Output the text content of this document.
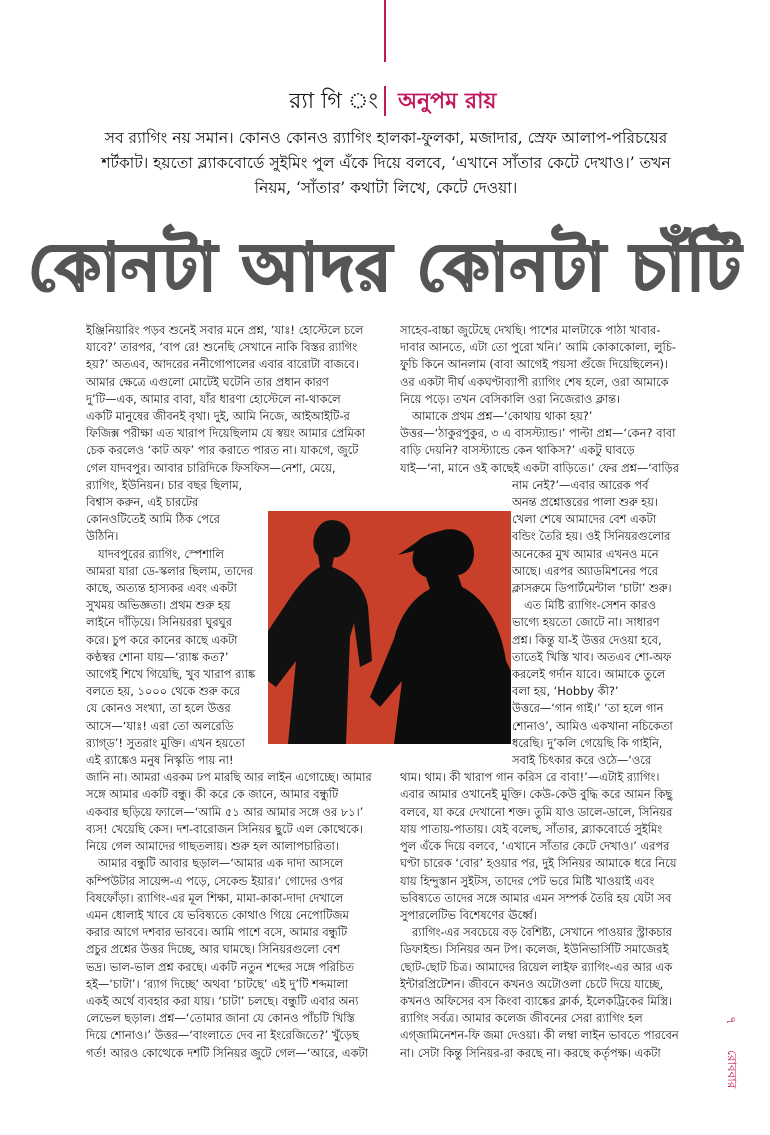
র‍্যা গি ং অনুপম রায়
সব র‍্যাগিং নয় সমান। কোনও কোনও র‍্যাগিং হালকা-ফুলকা, মজাদার, স্রেফ আলাপ-পরিচয়ের
শর্টকাট। হয়তো ব্ল্যাকবোর্ডে সুইমিং পুল এঁকে দিয়ে বলবে, ‘এখানে সাঁতার কেটে দেখাও।’ তখন
নিয়ম, ‘সাঁতার’ কথাটা লিখে, কেটে দেওয়া।
কোনটা আদর কোনটা চাঁটি
ইঞ্জিনিয়ারিং পড়ব শুনেই সবার মনে প্রশ্ন, ‘যাঃ! হোস্টেলে চলে
যাবে?’ তারপর, ‘বাপ রে! শুনেছি সেখানে নাকি বিস্তর র‍্যাগিং
হয়?’ অতএব, আদরের ননীগোপালের এবার বারোটা বাজবে।
আমার ক্ষেত্রে এগুলো মোটেই ঘটেনি তার প্রধান কারণ
দু’টি—এক, আমার বাবা, যাঁর ধারণা হোস্টেলে না-থাকলে
একটি মানুষের জীবনই বৃথা। দুই, আমি নিজে, আইআইটি-র
ফিজিক্স পরীক্ষা এত খারাপ দিয়েছিলাম যে স্বয়ং আমার প্রেমিকা
চেক করলেও ‘কাট অফ’ পার করাতে পারত না। যাকগে, জুটে
গেল যাদবপুর। আবার চারিদিকে ফিসফিস—নেশা, মেয়ে,
র‍্যাগিং, ইউনিয়ন। চার বছর ছিলাম,
বিশ্বাস করুন, এই চারটের
কোনওটিতেই আমি ঠিক পেরে
উঠিনি।
যাদবপুরের র‍্যাগিং, স্পেশালি
আমরা যারা ডে-স্কলার ছিলাম, তাদের
কাছে, অত্যন্ত হাস্যকর এবং একটা
সুখময় অভিজ্ঞতা। প্রথম শুরু হয়
লাইনে দাঁড়িয়ে। সিনিয়ররা ঘুরঘুর
করে। চুপ করে কানের কাছে একটা
কণ্ঠস্বর শোনা যায়—‘র‍্যাঙ্ক কত?’
আগেই শিখে গিয়েছি, খুব খারাপ র‍্যাঙ্ক
বলতে হয়, ১০০০ থেকে শুরু করে
যে কোনও সংখ্যা, তা হলে উত্তর
আসে—‘যাঃ! এরা তো অলরেডি
র‍্যাগ্‌ড’! সুতরাং মুক্তি। এখন হয়তো
এই র‍্যাঙ্কেও মনুষ নিস্কৃতি পায় না!
জানি না। আমরা এরকম ঢপ মারছি আর লাইন এগোচ্ছে। আমার
সঙ্গে আমার একটি বন্ধু। কী করে কে জানে, আমার বন্ধুটি
একবার ছড়িয়ে ফ্যালে—‘আমি ৫১ আর আমার সঙ্গে ওর ৮১।’
ব্যস! খেয়েছি কেস। দশ-বারোজন সিনিয়র ছুটে এল কোত্থেকে।
নিয়ে গেল আমাদের গাছতলায়। শুরু হল আলাপচারিতা।
আমার বন্ধুটি আবার ছড়াল—‘আমার এক দাদা আসলে
কম্পিউটার সায়েন্স-এ পড়ে, সেকেন্ড ইয়ার।’ গোদের ওপর
বিষফোঁড়া। র‍্যাগিং-এর মূল শিক্ষা, মামা-কাকা-দাদা দেখালে
এমন ধোলাই খাবে যে ভবিষ্যতে কোথাও গিয়ে নেপোটিজম
করার আগে দশবার ভাববে। আমি পাশে বসে, আমার বন্ধুটি
প্রচুর প্রশ্নের উত্তর দিচ্ছে, আর ঘামছে। সিনিয়রগুলো বেশ
ভদ্র। ভাল-ভাল প্রশ্ন করছে। একটি নতুন শব্দের সঙ্গে পরিচিত
হই—‘চাটা’। ‘র‍্যাগ দিচ্ছে’ অথবা ‘চাটছে’ এই দু’টি শব্দমালা
একই অর্থে ব্যবহার করা যায়। ‘চাটা’ চলছে। বন্ধুটি এবার অন্য
লেভেল ছড়াল। প্রশ্ন—‘তোমার জানা যে কোনও পাঁচটি খিস্তি
দিয়ে শোনাও।’ উত্তর—‘বাংলাতে দেব না ইংরেজিতে?’ খুঁড়েছ
গর্ত! আরও কোত্থেকে দশটি সিনিয়র জুটে গেল—‘আরে, একটা
সাহেব-বাচ্চা জুটেছে দেখছি। পাশের মালটাকে পাঠা খাবার-
দাবার আনতে, এটা তো পুরো খনি।’ আমি কোকাকোলা, লুচি-
ফুচি কিনে আনলাম (বাবা আগেই পয়সা গুঁজে দিয়েছিলেন)।
ওর একটা দীর্ঘ একঘণ্টাব্যাপী র‍্যাগিং শেষ হলে, ওরা আমাকে
নিয়ে পড়ে। তখন বেসিকালি ওরা নিজেরাও ক্লান্ত।
আমাকে প্রথম প্রশ্ন—‘কোথায় থাকা হয়?’
উত্তর—‘ঠাকুরপুকুর, ৩ এ বাসস্ট্যান্ড।’ পাল্টা প্রশ্ন—‘কেন? বাবা
বাড়ি দেয়নি? বাসস্ট্যান্ডে কেন থাকিস?’ একটু ঘাবড়ে
যাই—‘না, মানে ওই কাছেই একটা বাড়িতে।’ ফের প্রশ্ন—‘বাড়ির
নাম নেই?’—এবার আরেক পর্ব
অনন্ত প্রশ্নোত্তরের পালা শুরু হয়।
খেলা শেষে আমাদের বেশ একটা
বন্ডিং তৈরি হয়। ওই সিনিয়রগুলোর
অনেকের মুখ আমার এখনও মনে
আছে। এরপর অ্যাডমিশনের পরে
ক্লাসরুমে ডিপার্টমেন্টাল ‘চাটা’ শুরু।
এত মিষ্টি র‍্যাগিং-সেশন কারও
ভাগ্যে হয়তো জোটে না। সাধারণ
প্রশ্ন। কিন্তু যা-ই উত্তর দেওয়া হবে,
তাতেই খিস্তি খাব। অতএব শো-অফ
করলেই গর্দান যাবে। আমাকে তুলে
বলা হয়, ‘Hobby কী?’
উত্তরে—‘গান গাই।’ ‘তা হলে গান
শোনাও’, আমিও একখানা নচিকেতা
ধরেছি। দু’কলি গেয়েছি কি গাইনি,
সবাই চিৎকার করে ওঠে—‘ওরে
থাম। থাম। কী খারাপ গান করিস রে বাবা!’—এটাই র‍্যাগিং।
এবার আমার ওখানেই মুক্তি। কেউ-কেউ বুদ্ধি করে আমন কিছু
বলবে, যা করে দেখানো শক্ত। তুমি যাও ডালে-ডালে, সিনিয়র
যায় পাতায়-পাতায়। যেই বলেছ, সাঁতার, ব্ল্যাকবোর্ডে সুইমিং
পুল এঁকে দিয়ে বলবে, ‘এখানে সাঁতার কেটে দেখাও।’ এরপর
ঘণ্টা চারেক ‘বোর’ হওয়ার পর, দুই সিনিয়র আমাকে ধরে নিয়ে
যায় হিন্দুস্তান সুইটস, তাদের পেট ভরে মিষ্টি খাওয়াই এবং
ভবিষ্যতে তাদের সঙ্গে আমার এমন সম্পর্ক তৈরি হয় যেটা সব
সুপারলেটিভ বিশেষণের ঊর্ধ্বে।
র‍্যাগিং-এর সবচেয়ে বড় বৈশিষ্ট্য, সেখানে পাওয়ার স্ট্রাকচার
ডিফাইন্ড। সিনিয়র অন টপ। কলেজ, ইউনিভার্সিটি সমাজেরই
ছোট-ছোট চিত্র। আমাদের রিয়েল লাইফ র‍্যাগিং-এর আর এক
ইন্টারপ্রিটেশন। জীবনে কখনও অটোওলা চেটে দিয়ে যাচ্ছে,
কখনও অফিসের বস কিংবা ব্যাঙ্কের ক্লার্ক, ইলেকট্রিকের মিস্ত্রি।
র‍্যাগিং সর্বত্র। আমার কলেজ জীবনের সেরা র‍্যাগিং হল
এগ্‌জামিনেশন-ফি জমা দেওয়া। কী লম্বা লাইন ভাবতে পারবেন
না। সেটা কিন্তু সিনিয়র-রা করছে না। করছে কর্তৃপক্ষ। একটা
৭
রোববার
